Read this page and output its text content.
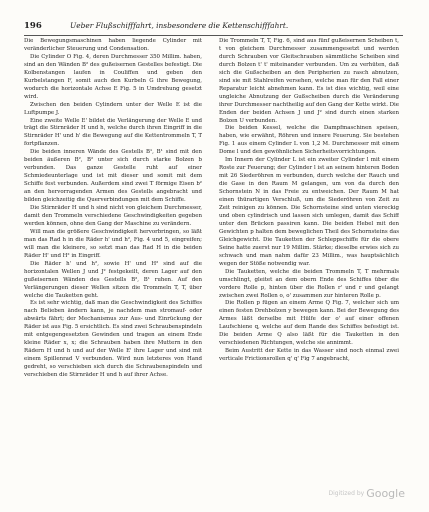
196	Ueber Flußschifffahrt, insbesondere die Kettenschifffahrt.

Die Bewegungsmaschinen haben liegende Cylinder mit veränderlicher Steuerung und Condensation.

Die Cylinder O Fig. 4, deren Durchmesser 350 Millim. haben, sind an den Wänden B² des gußeisernen Gestelles befestigt. Die Kolbenstangen laufen in Couliffen und geben den Kurbelstangen F, somit auch den Kurbeln G ihre Bewegung, wodurch die horizontale Achse E Fig. 5 in Umdrehung gesetzt wird.

Zwischen den beiden Cylindern unter der Welle E ist die Luftpumpe J.

Eine zweite Welle E' bildet die Verlängerung der Welle E und trägt die Stirnräder H und h, welche durch ihren Eingriff in die Stirnräder H' und h' die Bewegung auf die Kettentrommeln T, T fortpflanzen.

Die beiden inneren Wände des Gestells B¹, B¹ sind mit den beiden äußeren B², B² unter sich durch starke Bolzen b verbunden. Das ganze Gestelle ruht auf einer Schmiedeunterlage und ist mit dieser und somit mit dem Schiffe fest verbunden. Außerdem sind zwei T förmige Eisen b² an den hervorragenden Armen des Gestells angebracht und bilden gleichzeitig die Querverbindungen mit dem Schiffe.

Die Stirnräder H und h sind nicht von gleichem Durchmesser, damit den Trommeln verschiedene Geschwindigkeiten gegeben werden können, ohne den Gang der Maschine zu verändern.

Will man die größere Geschwindigkeit hervorbringen, so läßt man das Rad h in die Räder h' und h², Fig. 4 und 5, eingreifen; will man die kleinere, so setzt man das Rad H in die beiden Räder H' und H² in Eingriff.

Die Räder h' und h², sowie H' und H² sind auf die horizontalen Wellen J und J² festgekeilt, deren Lager auf den gußeisernen Wänden des Gestells B², B¹ ruhen. Auf den Verlängerungen dieser Wellen sitzen die Trommeln T, T, über welche die Tauketten geht.

Es ist sehr wichtig, daß man die Geschwindigkeit des Schiffes nach Belieben ändern kann, je nachdem man stromauf- oder abwärts fährt; der Mechanismus zur Aus- und Einrückung der Räder ist aus Fig. 5 ersichtlich. Es sind zwei Schraubenspindeln mit entgegengesetzten Gewinden und tragen an einem Ende kleine Räder x, x; die Schrauben haben ihre Muttern in den Rädern H und h und auf der Welle E' ihre Lager und sind mit einem Spillenrad V verbunden. Wird nun letzteres von Hand gedreht, so verschieben sich durch die Schraubenspindeln und verschieben die Stirnräder H und h auf ihrer Achse.

Die Trommeln T, T, Fig. 6, sind aus fünf gußeisernen Scheiben t, t von gleichem Durchmesser zusammengesetzt und werden durch Schrauben vor Gleitschrauben sämmtliche Scheiben sind durch Bolzen t' t' miteinander verbunden. Um zu verhüten, daß sich die Gußscheiben an den Peripherien zu rasch abnutzen, sind sie mit Stahlreifen versehen, welche man für den Fall einer Reparatur leicht abnehmen kann. Es ist dies wichtig, weil eine ungleiche Abnutzung der Gußscheiben durch die Veränderung ihrer Durchmesser nachtheilig auf den Gang der Kette wirkt. Die Enden der beiden Achsen J und J² sind durch einen starken Bolzen U verbunden.

Die beiden Kessel, welche die Dampfmaschinen speisen, haben, wie erwähnt, Röhren und innere Feuerung. Sie bestehen Fig. 1 aus einem Cylinder L von 1,2 M. Durchmesser mit einem Dome l und den gewöhnlichen Sicherheitsvorrichtungen.

Im Innern der Cylinder L ist ein zweiter Cylinder l mit einem Roste zur Feuerung; der Cylinder l ist an seinem hinteren Boden mit 26 Siederöhren m verbunden, durch welche der Rauch und die Gase in den Raum M gelangen, um von da durch den Schornstein N in das Freie zu entweichen. Der Raum M hat einen thürartigen Verschluß, um die Siederöhren von Zeit zu Zeit reinigen zu können. Die Schornsteine sind unten viereckig und oben cylindrisch und lassen sich umlegen, damit das Schiff unter den Brücken passiren kann. Die beiden Hebel mit den Gewichten p halten dem beweglichen Theil des Schornsteins das Gleichgewicht. Die Tauketten der Schleppschiffe für die obere Seine hatte zuerst nur 19 Millim. Stärke; dieselbe erwies sich zu schwach und man nahm dafür 23 Millim., was hauptsächlich wegen der Stöße notwendig war.

Die Tauketten, welche die beiden Trommeln T, T mehrmals umschlingt, gleitet an dem obern Ende des Schiffes über die vordere Rolle p, hinten über die Rollen r' und r und gelangt zwischen zwei Rollen o, o' zusammen zur hinteren Rolle p.

Die Rollen p fügen an einem Arme Q Fig. 7, welcher sich um einen festen Drehbolzen y bewegen kann. Bei der Bewegung des Armes läßt derselbe mit Hülfe der o' auf einer offenen Laufschiene q, welche auf dem Rande des Schiffes befestigt ist. Die beiden Arme Q also läßt für die Tauketten in den verschiedenen Richtungen, welche sie annimmt.

Beim Austritt der Kette in das Wasser sind noch einmal zwei verticale Frictionsrollen q' q' Fig 7 angebracht,

Digitized by Google
